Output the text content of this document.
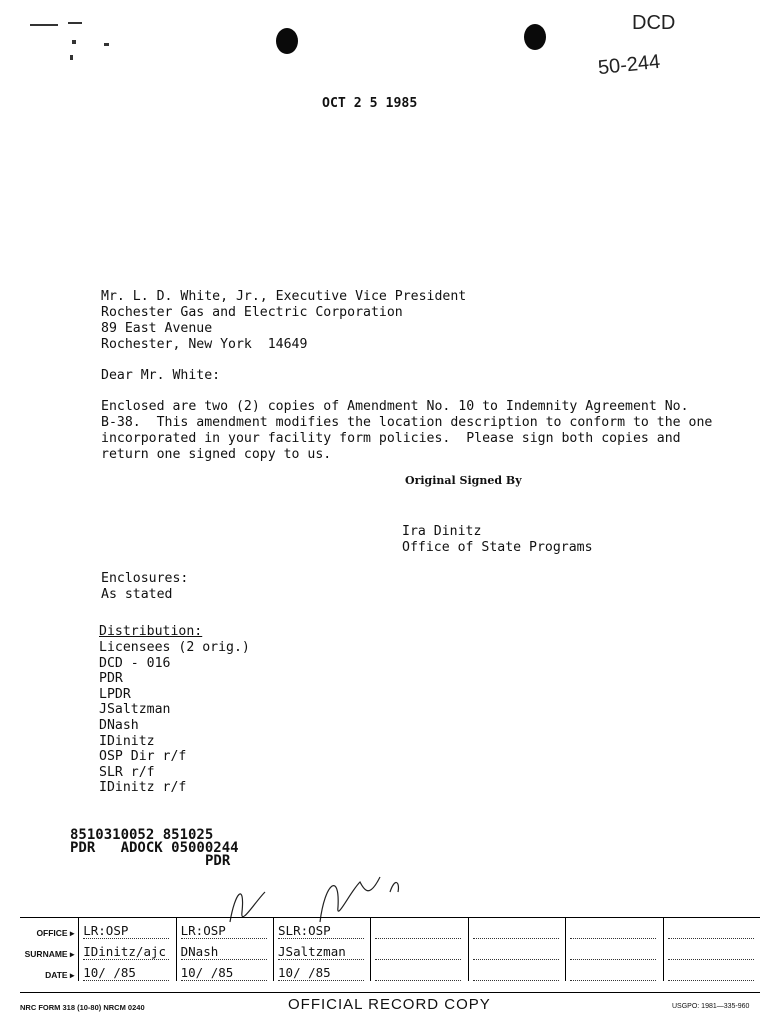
DCD
50-244
OCT 2 5 1985
Mr. L. D. White, Jr., Executive Vice President
Rochester Gas and Electric Corporation
89 East Avenue
Rochester, New York  14649
Dear Mr. White:
Enclosed are two (2) copies of Amendment No. 10 to Indemnity Agreement No.
B-38.  This amendment modifies the location description to conform to the one
incorporated in your facility form policies.  Please sign both copies and
return one signed copy to us.
Original Signed By
Ira Dinitz
Office of State Programs
Enclosures:
As stated
Distribution:
Licensees (2 orig.)
DCD - 016
PDR
LPDR
JSaltzman
DNash
IDinitz
OSP Dir r/f
SLR r/f
IDinitz r/f
8510310052 851025
PDR   ADOCK 05000244
PDR
OFFICE ▸	LR:OSP	LR:OSP	SLR:OSP				
SURNAME ▸	IDinitz/ajc	DNash	JSaltzman				
DATE ▸	10/ /85	10/ /85	10/ /85				
NRC FORM 318 (10-80) NRCM 0240	OFFICIAL RECORD COPY	USGPO: 1981—335-960
